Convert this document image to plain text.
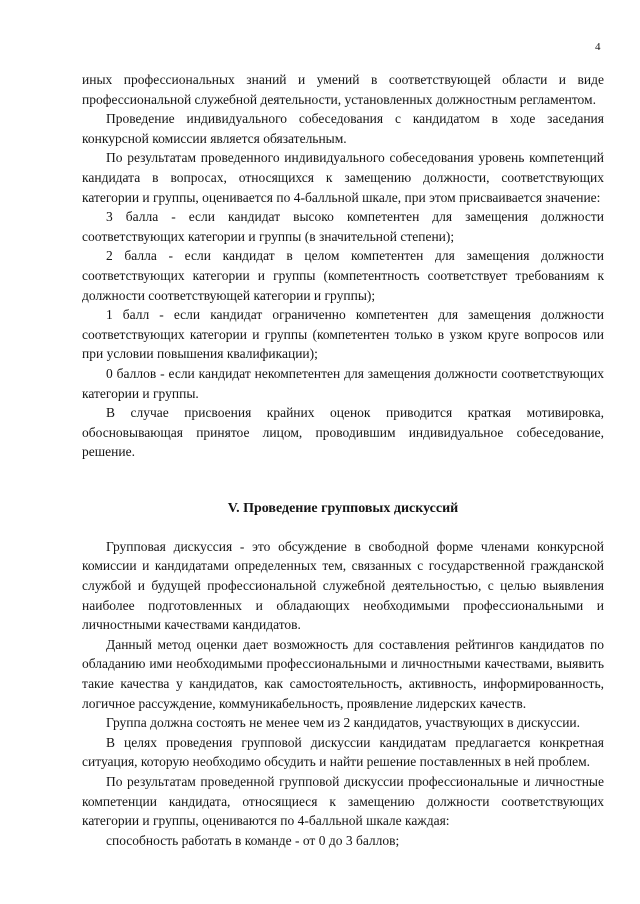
4

иных профессиональных знаний и умений в соответствующей области и виде профессиональной служебной деятельности, установленных должностным регламентом.

Проведение индивидуального собеседования с кандидатом в ходе заседания конкурсной комиссии является обязательным.

По результатам проведенного индивидуального собеседования уровень компетенций кандидата в вопросах, относящихся к замещению должности, соответствующих категории и группы, оценивается по 4-балльной шкале, при этом присваивается значение:

3 балла - если кандидат высоко компетентен для замещения должности соответствующих категории и группы (в значительной степени);

2 балла - если кандидат в целом компетентен для замещения должности соответствующих категории и группы (компетентность соответствует требованиям к должности соответствующей категории и группы);

1 балл - если кандидат ограниченно компетентен для замещения должности соответствующих категории и группы (компетентен только в узком круге вопросов или при условии повышения квалификации);

0 баллов - если кандидат некомпетентен для замещения должности соответствующих категории и группы.

В случае присвоения крайних оценок приводится краткая мотивировка, обосновывающая принятое лицом, проводившим индивидуальное собеседование, решение.

V. Проведение групповых дискуссий

Групповая дискуссия - это обсуждение в свободной форме членами конкурсной комиссии и кандидатами определенных тем, связанных с государственной гражданской службой и будущей профессиональной служебной деятельностью, с целью выявления наиболее подготовленных и обладающих необходимыми профессиональными и личностными качествами кандидатов.

Данный метод оценки дает возможность для составления рейтингов кандидатов по обладанию ими необходимыми профессиональными и личностными качествами, выявить такие качества у кандидатов, как самостоятельность, активность, информированность, логичное рассуждение, коммуникабельность, проявление лидерских качеств.

Группа должна состоять не менее чем из 2 кандидатов, участвующих в дискуссии.

В целях проведения групповой дискуссии кандидатам предлагается конкретная ситуация, которую необходимо обсудить и найти решение поставленных в ней проблем.

По результатам проведенной групповой дискуссии профессиональные и личностные компетенции кандидата, относящиеся к замещению должности соответствующих категории и группы, оцениваются по 4-балльной шкале каждая:

способность работать в команде - от 0 до 3 баллов;
